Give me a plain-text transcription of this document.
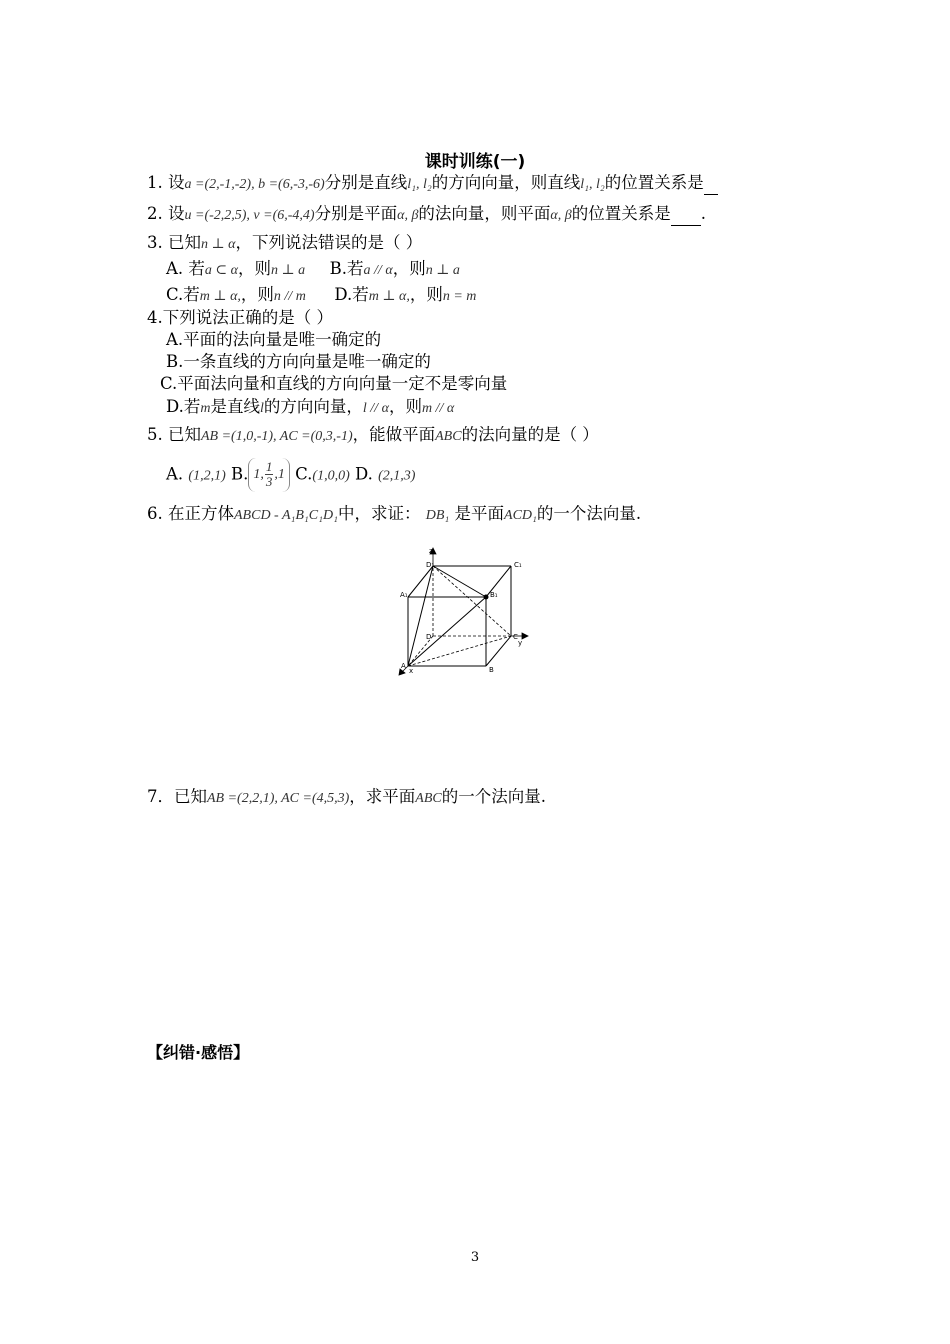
课时训练(一)
1. 设a =(2,-1,-2), b =(6,-3,-6)分别是直线l₁, l₂的方向向量，则直线l₁, l₂的位置关系是
2. 设u =(-2,2,5), v =(6,-4,4)分别是平面α, β的法向量，则平面α, β的位置关系是 .
3. 已知n ⊥ α，下列说法错误的是（ ）
A. 若a ⊂ α，则n ⊥ a B.若a // α，则n ⊥ a
C.若m ⊥ α,，则n // m D.若m ⊥ α,，则n = m
4.下列说法正确的是（ ）
A.平面的法向量是唯一确定的
B.一条直线的方向向量是唯一确定的
C.平面法向量和直线的方向向量一定不是零向量
D.若m是直线l的方向向量，l // α，则m // α
5. 已知AB =(1,0,-1), AC =(0,3,-1)，能做平面ABC的法向量的是（ ）
A. (1,2,1) B. 1, $\frac{1}{3} ,1$ C.(1,0,0) D. (2,1,3)
6. 在正方体ABCD - A₁B₁C₁D₁中，求证： DB₁ 是平面ACD₁的一个法向量.
z
D₁	C₁
A₁	B₁
D	C
y
A	B
x
7．已知AB =(2,2,1), AC =(4,5,3)，求平面ABC的一个法向量.
【纠错·感悟】
3
